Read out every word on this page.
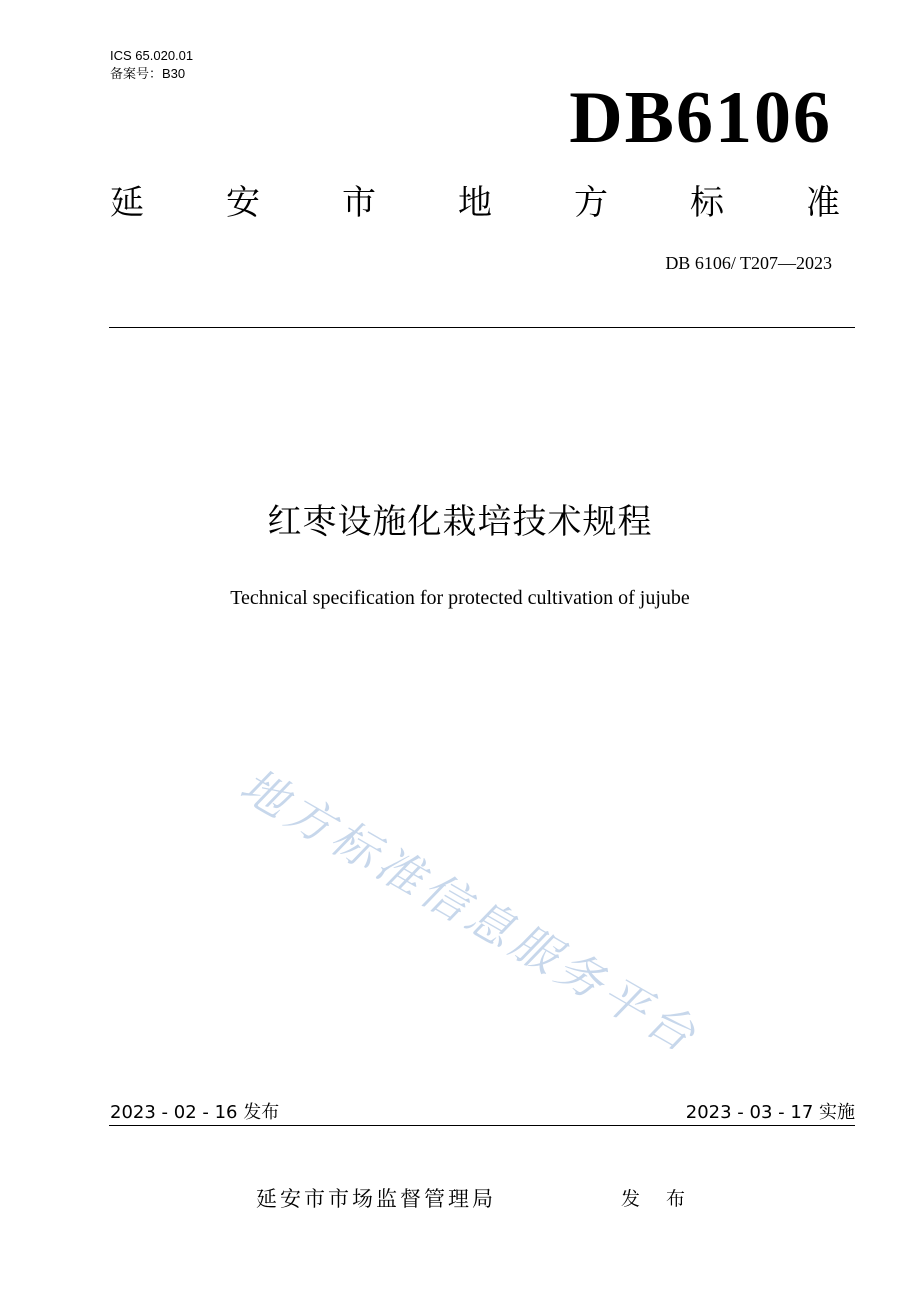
ICS 65.020.01
备案号：B30
DB6106
延 安 市 地 方 标 准
DB 6106/ T207—2023
红枣设施化栽培技术规程
Technical specification for protected cultivation of jujube
地方标准信息服务平台
2023 - 02 - 16 发布	2023 - 03 - 17 实施
延安市市场监督管理局	发 布
